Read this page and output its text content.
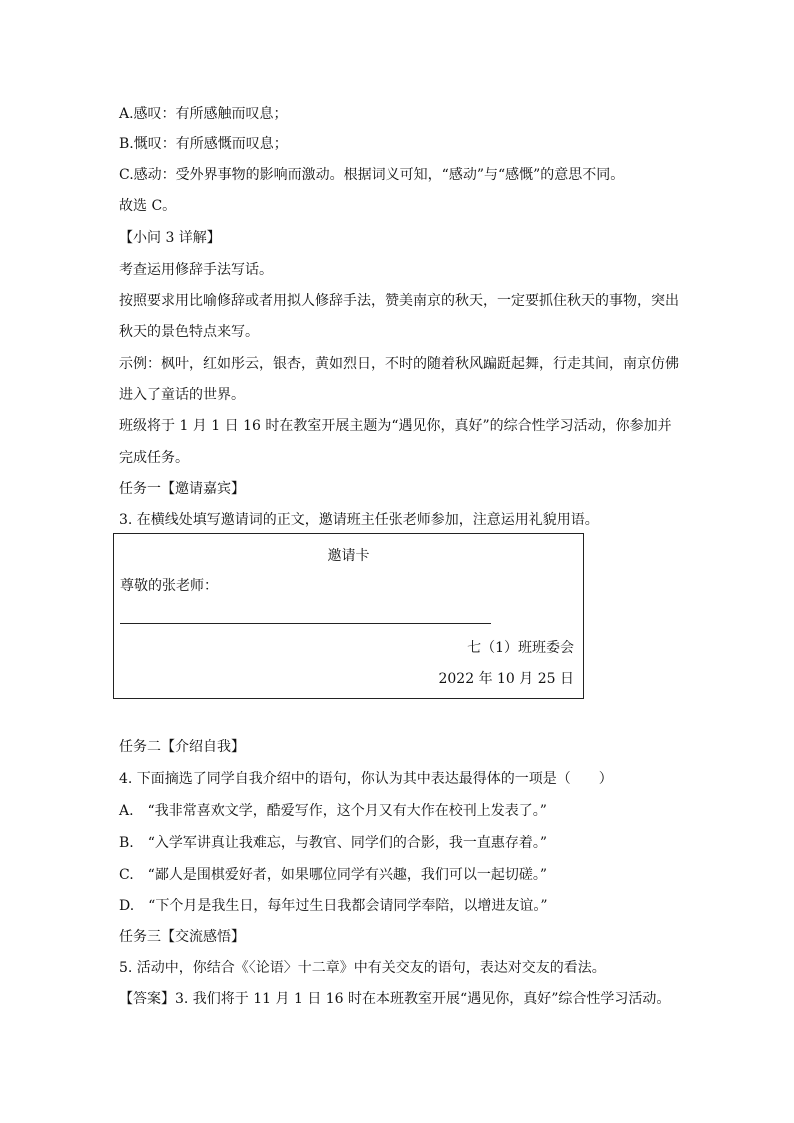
A.感叹：有所感触而叹息；
B.慨叹：有所感慨而叹息；
C.感动：受外界事物的影响而激动。根据词义可知，“感动”与“感慨”的意思不同。
故选 C。
【小问 3 详解】
考查运用修辞手法写话。
按照要求用比喻修辞或者用拟人修辞手法，赞美南京的秋天，一定要抓住秋天的事物，突出
秋天的景色特点来写。
示例：枫叶，红如彤云，银杏，黄如烈日，不时的随着秋风蹁跹起舞，行走其间，南京仿佛
进入了童话的世界。
班级将于 1 月 1 日 16 时在教室开展主题为“遇见你，真好”的综合性学习活动，你参加并
完成任务。
任务一【邀请嘉宾】
3. 在横线处填写邀请词的正文，邀请班主任张老师参加，注意运用礼貌用语。
邀请卡
尊敬的张老师：
七（1）班班委会
2022 年 10 月 25 日
任务二【介绍自我】
4. 下面摘选了同学自我介绍中的语句，你认为其中表达最得体的一项是（　　）
A.　“我非常喜欢文学，酷爱写作，这个月又有大作在校刊上发表了。”
B.　“入学军讲真让我难忘，与教官、同学们的合影，我一直惠存着。”
C.　“鄙人是围棋爱好者，如果哪位同学有兴趣，我们可以一起切磋。”
D.　“下个月是我生日，每年过生日我都会请同学奉陪，以增进友谊。”
任务三【交流感悟】
5. 活动中，你结合《〈论语〉十二章》中有关交友的语句，表达对交友的看法。
【答案】3. 我们将于 11 月 1 日 16 时在本班教室开展“遇见你，真好”综合性学习活动。
